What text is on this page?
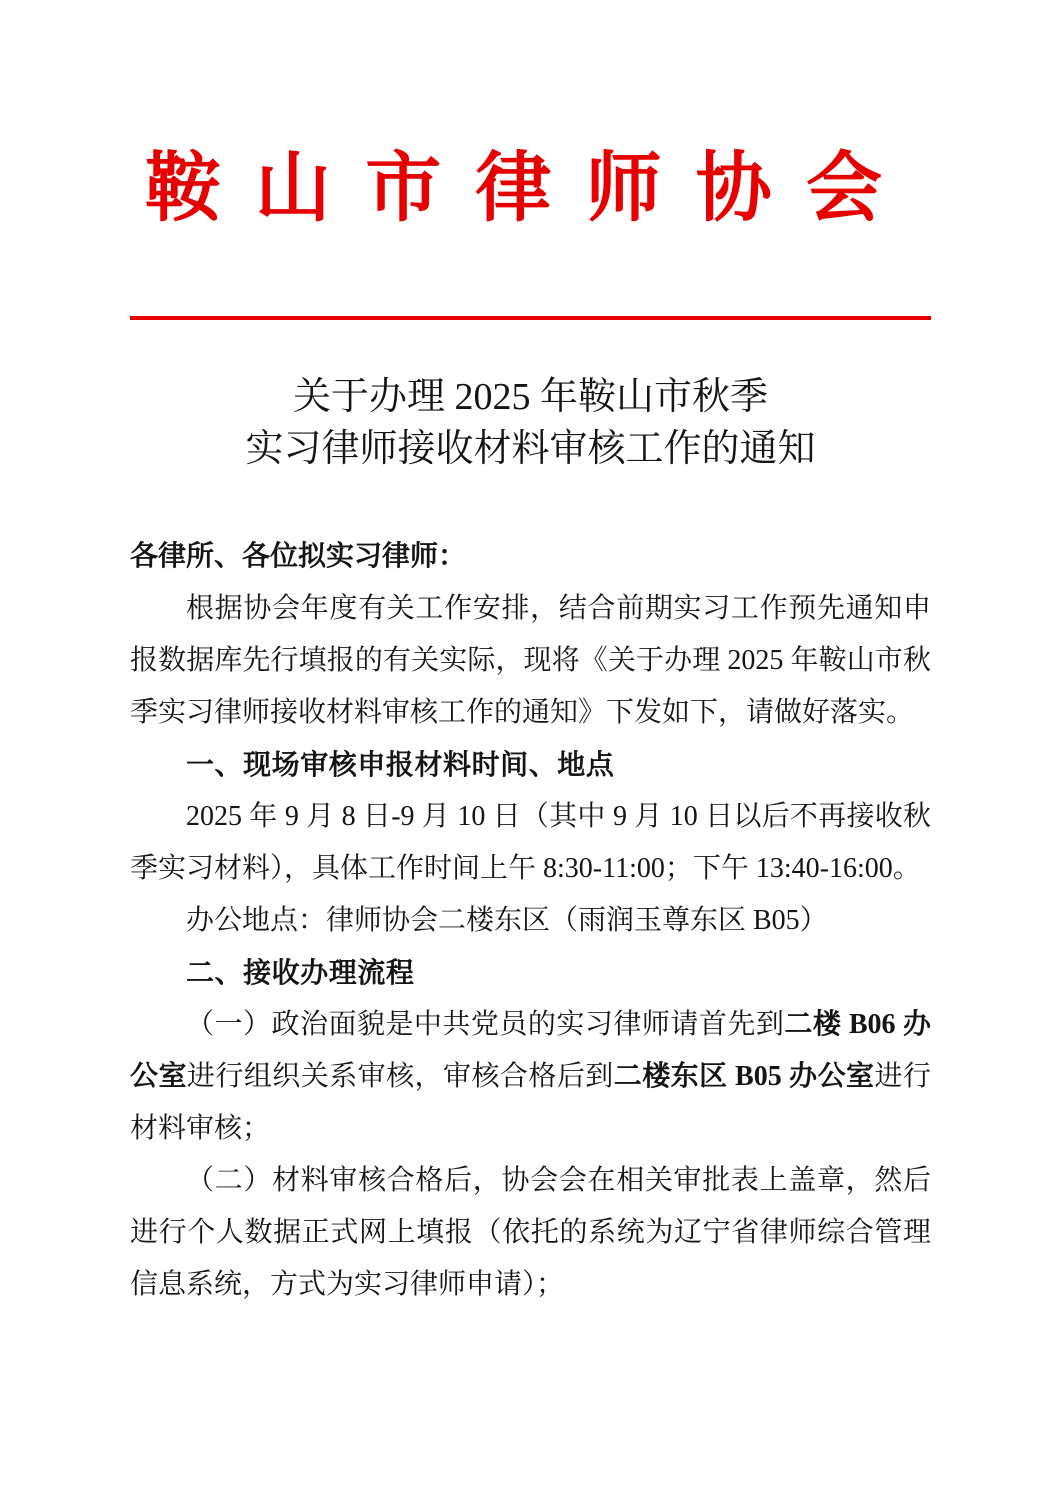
鞍山市律师协会
关于办理 2025 年鞍山市秋季
实习律师接收材料审核工作的通知

各律所、各位拟实习律师：

根据协会年度有关工作安排，结合前期实习工作预先通知申报数据库先行填报的有关实际，现将《关于办理 2025 年鞍山市秋季实习律师接收材料审核工作的通知》下发如下，请做好落实。

一、现场审核申报材料时间、地点

2025 年 9 月 8 日-9 月 10 日（其中 9 月 10 日以后不再接收秋季实习材料），具体工作时间上午 8:30-11:00；下午 13:40-16:00。

办公地点：律师协会二楼东区（雨润玉尊东区 B05）

二、接收办理流程

（一）政治面貌是中共党员的实习律师请首先到二楼 B06 办公室进行组织关系审核，审核合格后到二楼东区 B05 办公室进行材料审核；

（二）材料审核合格后，协会会在相关审批表上盖章，然后进行个人数据正式网上填报（依托的系统为辽宁省律师综合管理信息系统，方式为实习律师申请）；
